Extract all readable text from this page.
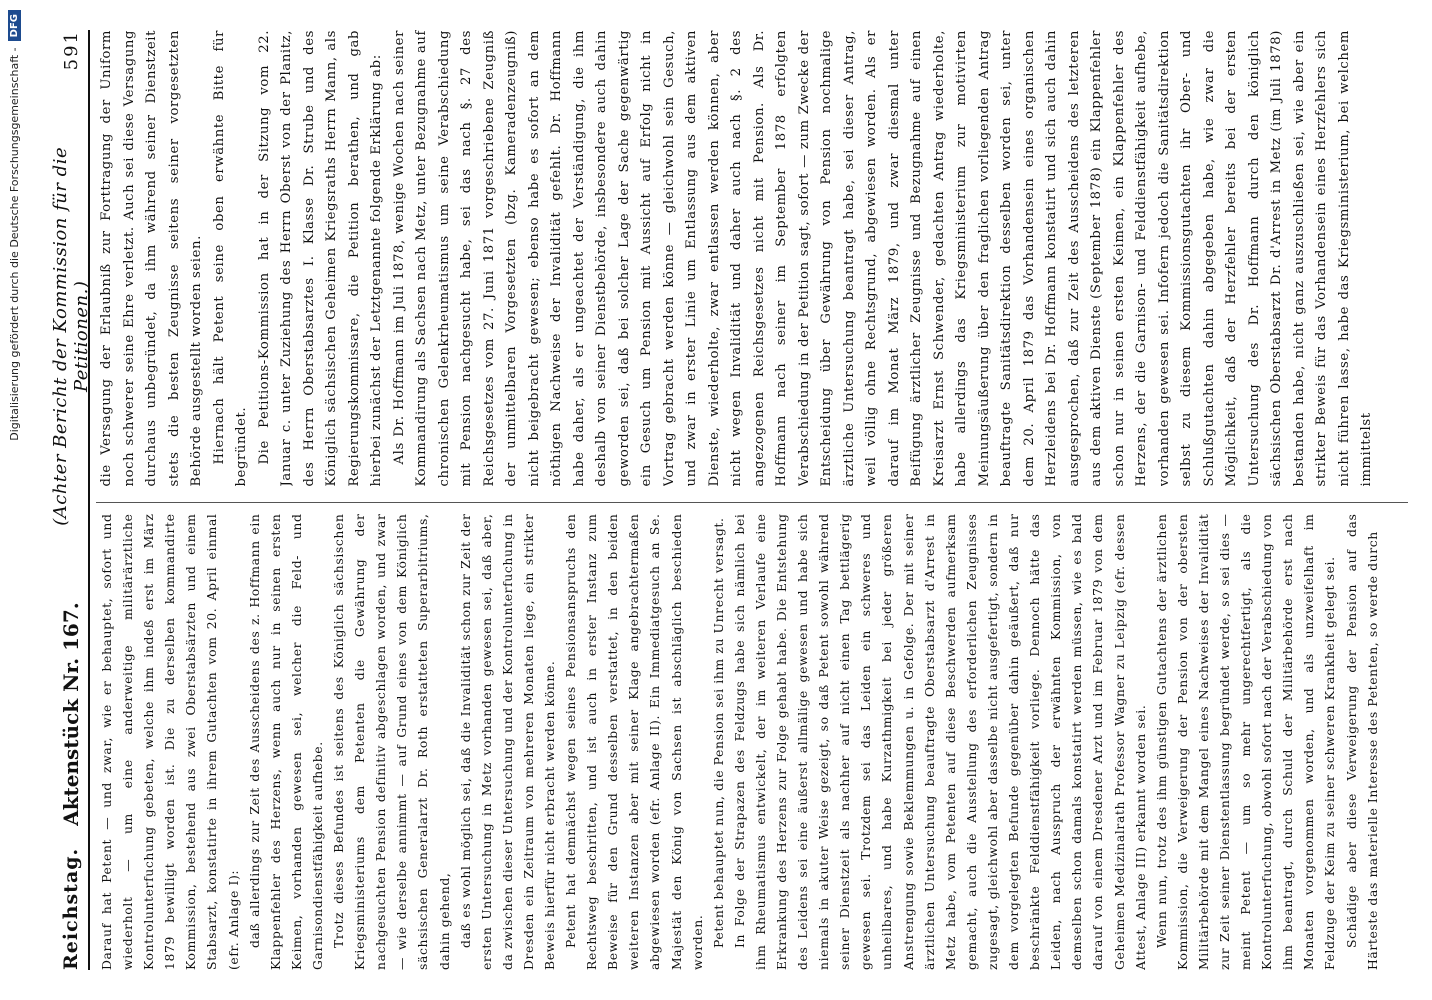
Digitalisierung gefördert durch die Deutsche Forschungsgemeinschaft -
DFG
Reichstag.
Aktenstück Nr. 167.
(Achter Bericht der Kommission für die Petitionen.)
591

Darauf hat Petent — und zwar, wie er behauptet, sofort und wiederholt — um eine anderweitige militärärztliche Kontrolunterfuchung gebeten, welche ihm indeß erst im März 1879 bewilligt worden ist. Die zu derselben kommandirte Kommission, bestehend aus zwei Oberstabsärzten und einem Stabsarzt, konstatirte in ihrem Gutachten vom 20. April einmal (efr. Anlage I): daß allerdings zur Zeit des Ausscheidens des z. Hoffmann ein Klappenfehler des Herzens, wenn auch nur in seinen ersten Keimen, vorhanden gewesen sei, welcher die Feld- und Garnisondienstfähigkeit aufhebe. Trotz dieses Befundes ist seitens des Königlich sächsischen Kriegsministeriums dem Petenten die Gewährung der nachgesuchten Pension definitiv abgeschlagen worden, und zwar — wie derselbe annimmt — auf Grund eines von dem Königlich sächsischen Generalarzt Dr. Roth erstatteten Superarbitriums, dahin gehend, daß es wohl möglich sei, daß die Invalidität schon zur Zeit der ersten Untersuchung in Metz vorhanden gewesen sei, daß aber, da zwischen dieser Untersuchung und der Kontrolunterfuchung in Dresden ein Zeitraum von mehreren Monaten liege, ein strikter Beweis hierfür nicht erbracht werden könne. Petent hat demnächst wegen seines Pensionsanspruchs den Rechtsweg beschritten, und ist auch in erster Instanz zum Beweise für den Grund desselben verstattet, in den beiden weiteren Instanzen aber mit seiner Klage angebrachtermaßen abgewiesen worden (efr. Anlage II). Ein Immediatgesuch an Se. Majestät den König von Sachsen ist abschläglich beschieden worden. Petent behauptet nun, die Pension sei ihm zu Unrecht versagt. In Folge der Strapazen des Feldzugs habe sich nämlich bei ihm Rheumatismus entwickelt, der im weiteren Verlaufe eine Erkrankung des Herzens zur Folge gehabt habe. Die Entstehung des Leidens sei eine äußerst allmälige gewesen und habe sich niemals in akuter Weise gezeigt, so daß Petent sowohl während seiner Dienstzeit als nachher auf nicht einen Tag bettlägerig gewesen sei. Trotzdem sei das Leiden ein schweres und unheilbares, und habe Kurzathmigkeit bei jeder größeren Anstrengung sowie Beklemmungen u. in Gefolge. Der mit seiner ärztlichen Untersuchung beauftragte Oberstabsarzt d'Arrest in Metz habe, vom Petenten auf diese Beschwerden aufmerksam gemacht, auch die Ausstellung des erforderlichen Zeugnisses zugesagt, gleichwohl aber dasselbe nicht ausgefertigt, sondern in dem vorgelegten Befunde gegenüber dahin geäußert, daß nur beschränkte Felddienstfähigkeit vorliege. Dennoch hätte das Leiden, nach Ausspruch der erwähnten Kommission, von demselben schon damals konstatirt werden müssen, wie es bald darauf von einem Dresdener Arzt und im Februar 1879 von dem Geheimen Medizinalrath Professor Wagner zu Leipzig (efr. dessen Attest, Anlage III) erkannt worden sei. Wenn nun, trotz des ihm günstigen Gutachtens der ärztlichen Kommission, die Verweigerung der Pension von der obersten Militärbehörde mit dem Mangel eines Nachweises der Invalidität zur Zeit seiner Dienstentlassung begründet werde, so sei dies — meint Petent — um so mehr ungerechtfertigt, als die Kontrolunterfuchung, obwohl sofort nach der Verabschiedung von ihm beantragt, durch Schuld der Militärbehörde erst nach Monaten vorgenommen worden, und als unzweifelhaft im Feldzuge der Keim zu seiner schweren Krankheit gelegt sei. Schädige aber diese Verweigerung der Pension auf das Härteste das materielle Interesse des Petenten, so werde durch

die Versagung der Erlaubniß zur Forttragung der Uniform noch schwerer seine Ehre verletzt. Auch sei diese Versagung durchaus unbegründet, da ihm während seiner Dienstzeit stets die besten Zeugnisse seitens seiner vorgesetzten Behörde ausgestellt worden seien. Hiernach hält Petent seine oben erwähnte Bitte für begründet. Die Petitions-Kommission hat in der Sitzung vom 22. Januar c. unter Zuziehung des Herrn Oberst von der Planitz, des Herrn Oberstabsarztes I. Klasse Dr. Strube und des Königlich sächsischen Geheimen Kriegsraths Herrn Mann, als Regierungskommissare, die Petition berathen, und gab hierbei zunächst der Letztgenannte folgende Erklärung ab: Als Dr. Hoffmann im Juli 1878, wenige Wochen nach seiner Kommandirung als Sachsen nach Metz, unter Bezugnahme auf chronischen Gelenkrheumatismus um seine Verabschiedung mit Pension nachgesucht habe, sei das nach §. 27 des Reichsgesetzes vom 27. Juni 1871 vorgeschriebene Zeugniß der unmittelbaren Vorgesetzten (bzg. Kameradenzeugniß) nicht beigebracht gewesen; ebenso habe es sofort an dem nöthigen Nachweise der Invalidität gefehlt. Dr. Hoffmann habe daher, als er ungeachtet der Verständigung, die ihm deshalb von seiner Dienstbehörde, insbesondere auch dahin geworden sei, daß bei solcher Lage der Sache gegenwärtig ein Gesuch um Pension mit Aussicht auf Erfolg nicht in Vortrag gebracht werden könne — gleichwohl sein Gesuch, und zwar in erster Linie um Entlassung aus dem aktiven Dienste, wiederholte, zwar entlassen werden können, aber nicht wegen Invalidität und daher auch nach §. 2 des angezogenen Reichsgesetzes nicht mit Pension. Als Dr. Hoffmann nach seiner im September 1878 erfolgten Verabschiedung in der Petition sagt, sofort — zum Zwecke der Entscheidung über Gewährung von Pension nochmalige ärztliche Untersuchung beantragt habe, sei dieser Antrag, weil völlig ohne Rechtsgrund, abgewiesen worden. Als er darauf im Monat März 1879, und zwar diesmal unter Beifügung ärztlicher Zeugnisse und Bezugnahme auf einen Kreisarzt Ernst Schwender, gedachten Antrag wiederholte, habe allerdings das Kriegsministerium zur motivirten Meinungsäußerung über den fraglichen vorliegenden Antrag beauftragte Sanitätsdirektion desselben worden sei, unter dem 20. April 1879 das Vorhandensein eines organischen Herzleidens bei Dr. Hoffmann konstatirt und sich auch dahin ausgesprochen, daß zur Zeit des Ausscheidens des letzteren aus dem aktiven Dienste (September 1878) ein Klappenfehler schon nur in seinen ersten Keimen, ein Klappenfehler des Herzens, der die Garnison- und Felddienstfähigkeit aufhebe, vorhanden gewesen sei. Infofern jedoch die Sanitätsdirektion selbst zu diesem Kommissionsgutachten ihr Ober- und Schlußgutachten dahin abgegeben habe, wie zwar die Möglichkeit, daß der Herzfehler bereits bei der ersten Untersuchung des Dr. Hoffmann durch den königlich sächsischen Oberstabsarzt Dr. d'Arrest in Metz (im Juli 1878) bestanden habe, nicht ganz auszuschließen sei, wie aber ein strikter Beweis für das Vorhandensein eines Herzfehlers sich nicht führen lasse, habe das Kriegsministerium, bei welchem immittelst
